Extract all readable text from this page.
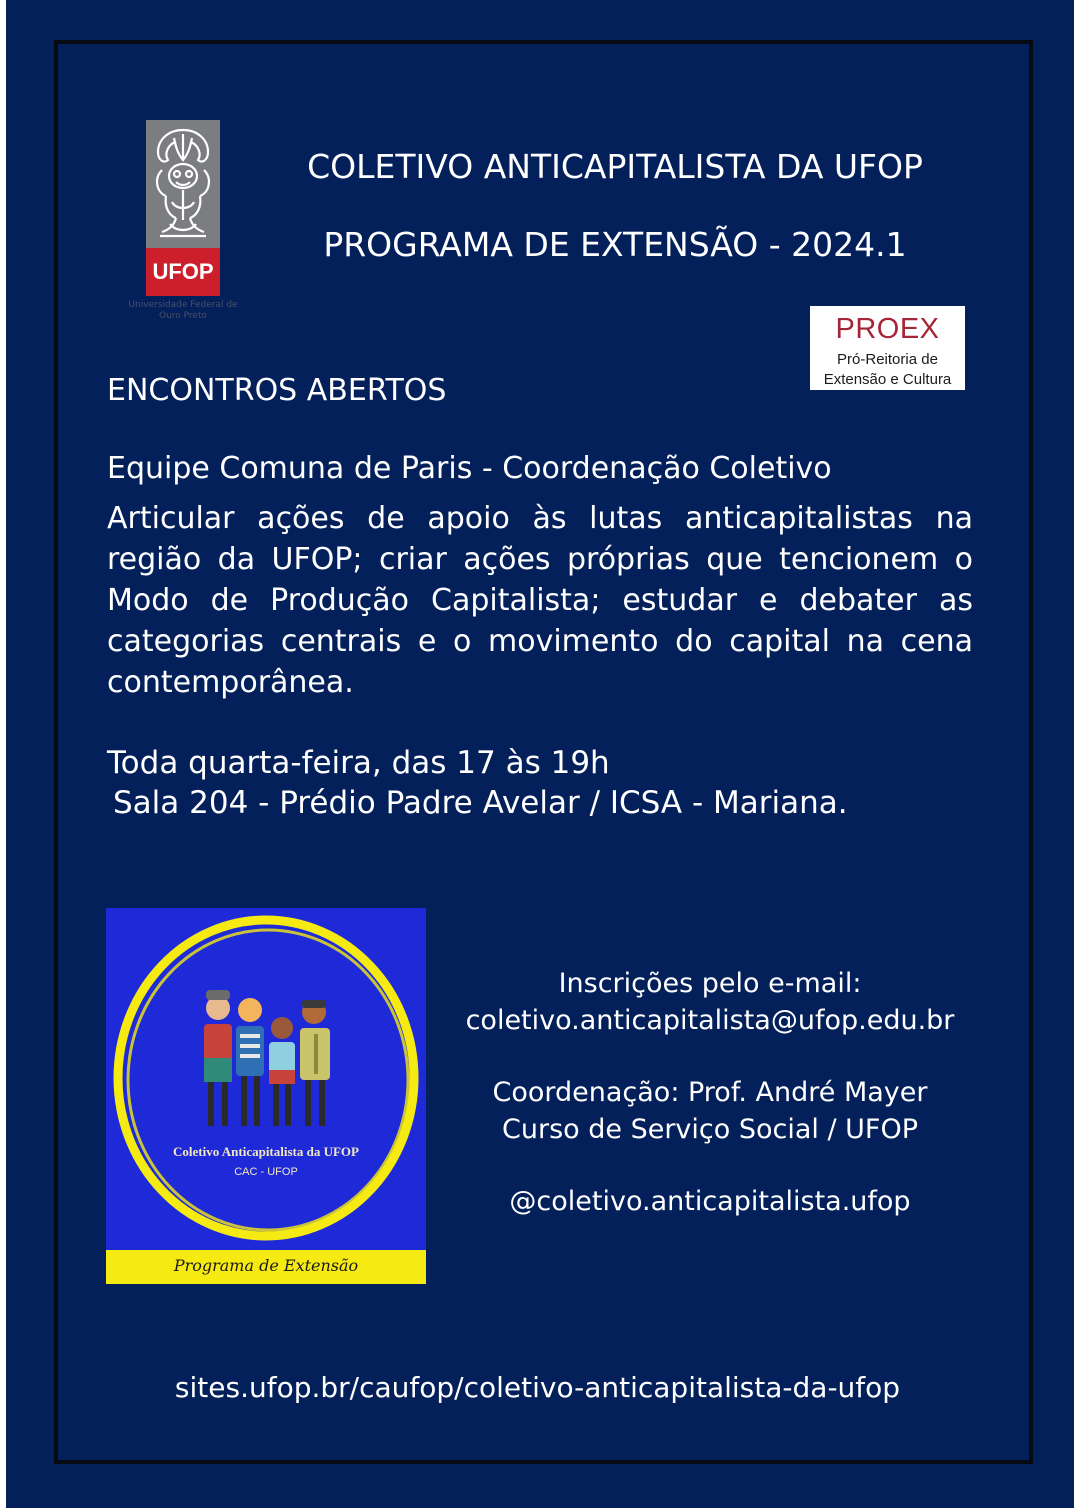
UFOP
Universidade Federal de Ouro Preto
COLETIVO ANTICAPITALISTA DA UFOP
PROGRAMA DE EXTENSÃO - 2024.1
PROEX
Pró-Reitoria de
Extensão e Cultura
ENCONTROS ABERTOS
Equipe Comuna de Paris - Coordenação Coletivo
Articular ações de apoio às lutas anticapitalistas na região da UFOP; criar ações próprias que tencionem o Modo de Produção Capitalista; estudar e debater as categorias centrais e o movimento do capital na cena contemporânea.
Toda quarta-feira, das 17 às 19h
Sala 204 - Prédio Padre Avelar / ICSA - Mariana.
Coletivo Anticapitalista da UFOP
CAC - UFOP
Programa de Extensão
Inscrições pelo e-mail:
coletivo.anticapitalista@ufop.edu.br
Coordenação: Prof. André Mayer
Curso de Serviço Social / UFOP
@coletivo.anticapitalista.ufop
sites.ufop.br/caufop/coletivo-anticapitalista-da-ufop
